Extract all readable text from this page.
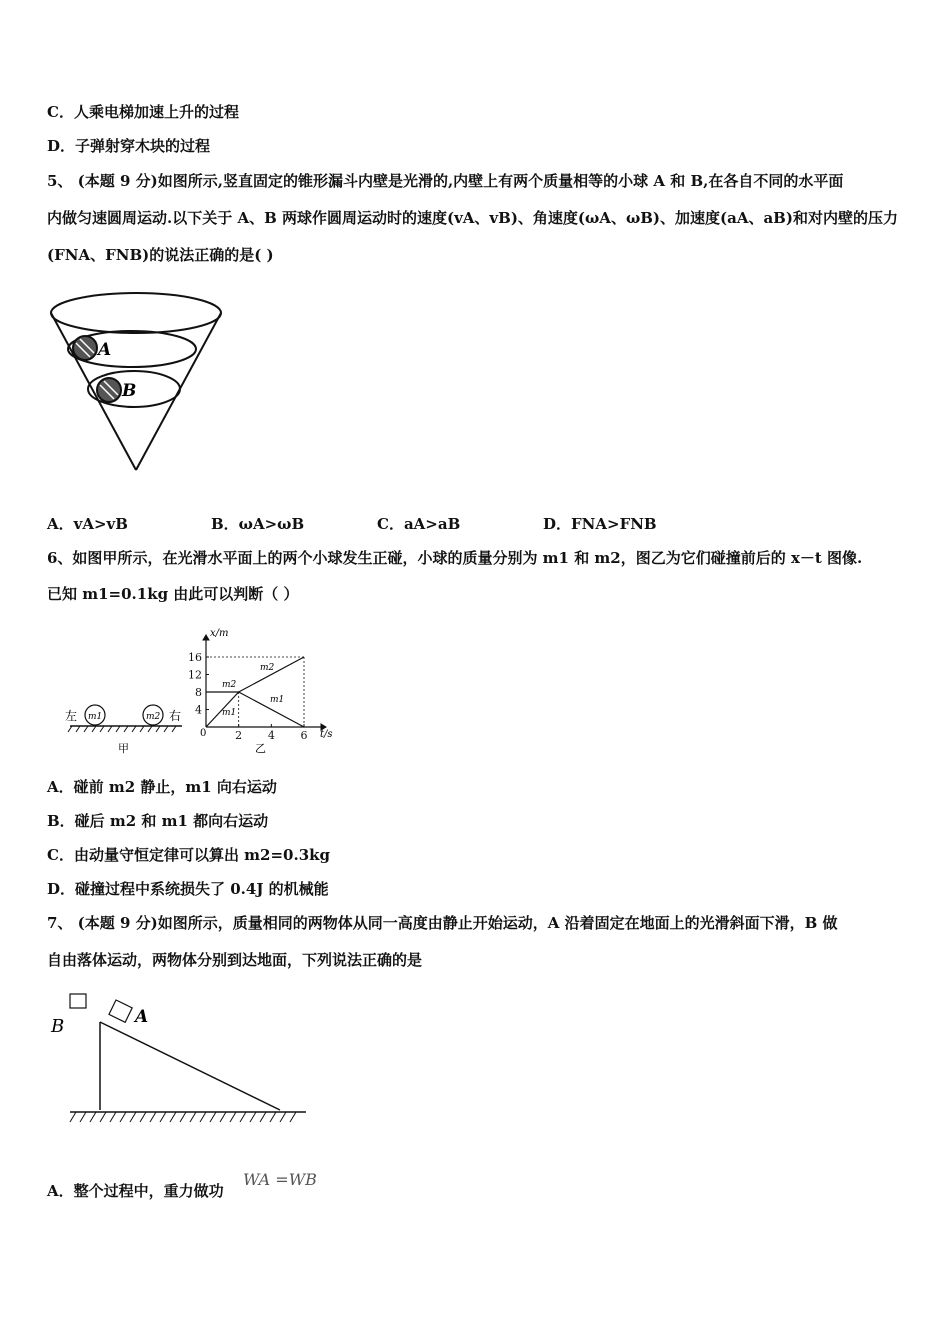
C．人乘电梯加速上升的过程
D．子弹射穿木块的过程
5、 (本题 9 分)如图所示,竖直固定的锥形漏斗内壁是光滑的,内壁上有两个质量相等的小球 A 和 B,在各自不同的水平面
内做匀速圆周运动.以下关于 A、B 两球作圆周运动时的速度(vA、vB)、角速度(ωA、ωB)、加速度(aA、aB)和对内壁的压力
(FNA、FNB)的说法正确的是( )
A
B
A．vA>vB	B．ωA>ωB	C．aA>aB	D．FNA>FNB
6、如图甲所示，在光滑水平面上的两个小球发生正碰，小球的质量分别为 m1 和 m2，图乙为它们碰撞前后的 x－t 图像.
已知 m1=0.1kg 由此可以判断（ ）
左	右
m1	m2
甲
x/m
t/s
0
乙
m2
m2
m1
m1
4
8
12
16
2 4 6
A．碰前 m2 静止，m1 向右运动
B．碰后 m2 和 m1 都向右运动
C．由动量守恒定律可以算出 m2=0.3kg
D．碰撞过程中系统损失了 0.4J 的机械能
7、 (本题 9 分)如图所示，质量相同的两物体从同一高度由静止开始运动，A 沿着固定在地面上的光滑斜面下滑，B 做
自由落体运动，两物体分别到达地面，下列说法正确的是
B	A
A．整个过程中，重力做功
WA =WB
